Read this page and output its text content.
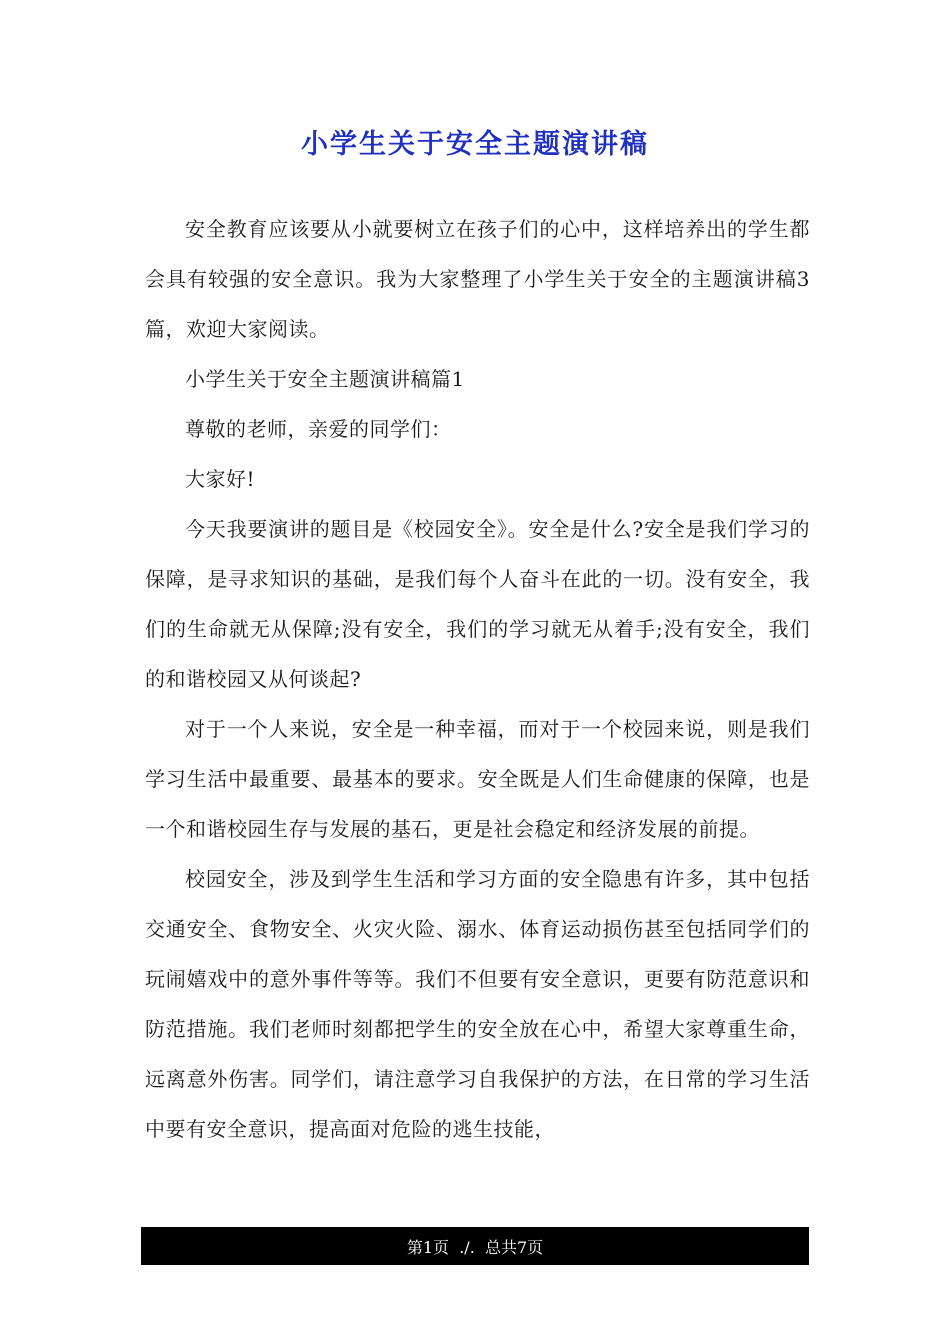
小学生关于安全主题演讲稿

安全教育应该要从小就要树立在孩子们的心中，这样培养出的学生都会具有较强的安全意识。我为大家整理了小学生关于安全的主题演讲稿3篇，欢迎大家阅读。

小学生关于安全主题演讲稿篇1

尊敬的老师，亲爱的同学们：

大家好!

今天我要演讲的题目是《校园安全》。安全是什么?安全是我们学习的保障，是寻求知识的基础，是我们每个人奋斗在此的一切。没有安全，我们的生命就无从保障;没有安全，我们的学习就无从着手;没有安全，我们的和谐校园又从何谈起?

对于一个人来说，安全是一种幸福，而对于一个校园来说，则是我们学习生活中最重要、最基本的要求。安全既是人们生命健康的保障，也是一个和谐校园生存与发展的基石，更是社会稳定和经济发展的前提。

校园安全，涉及到学生生活和学习方面的安全隐患有许多，其中包括交通安全、食物安全、火灾火险、溺水、体育运动损伤甚至包括同学们的玩闹嬉戏中的意外事件等等。我们不但要有安全意识，更要有防范意识和防范措施。我们老师时刻都把学生的安全放在心中，希望大家尊重生命，远离意外伤害。同学们，请注意学习自我保护的方法，在日常的学习生活中要有安全意识，提高面对危险的逃生技能，

第1页  ./.  总共7页
